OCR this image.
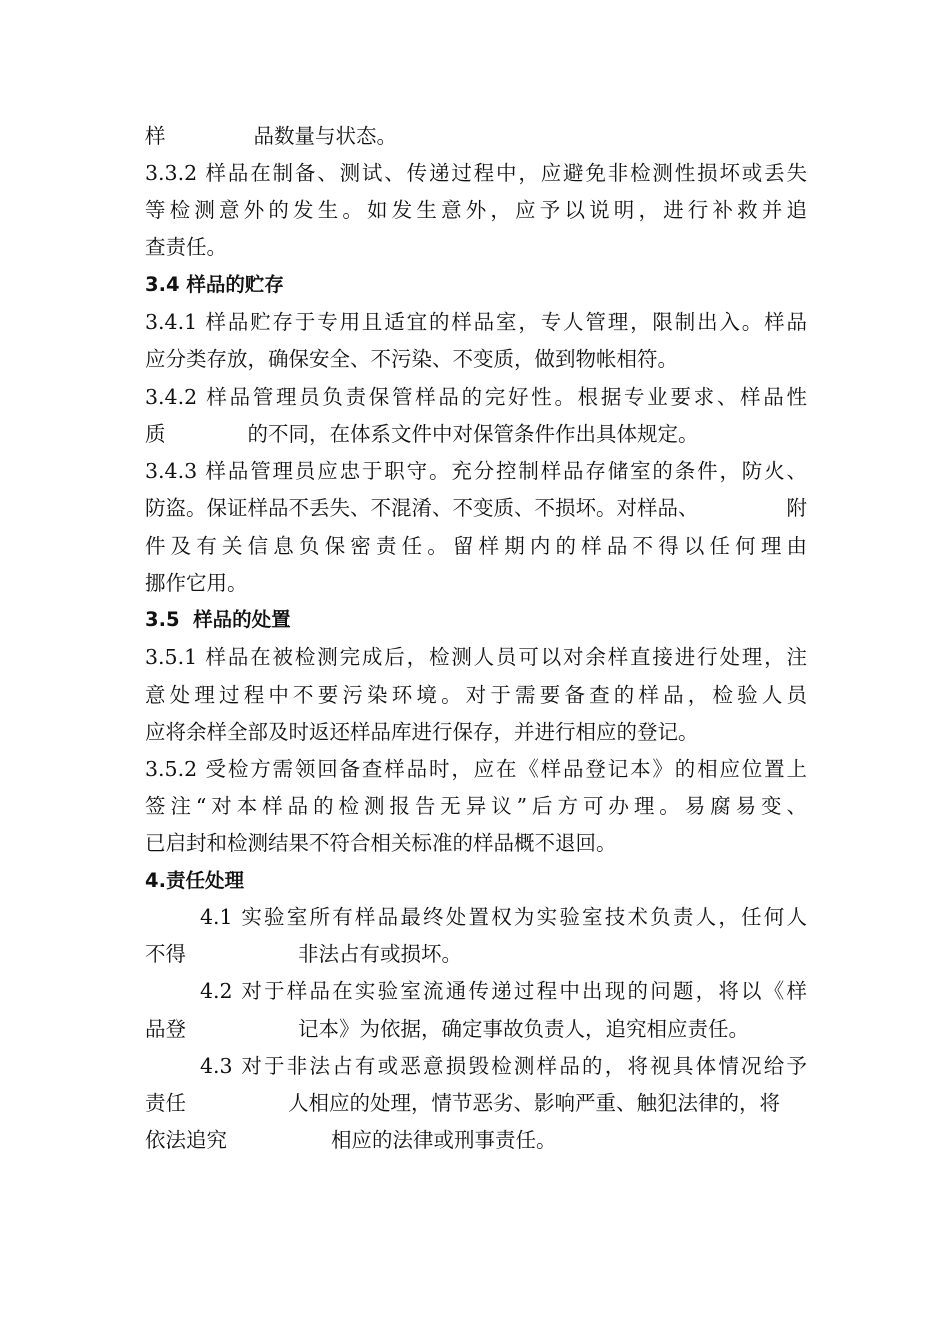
样	品数量与状态。
3.3.2 样品在制备、测试、传递过程中，应避免非检测性损坏或丢失
等检测意外的发生。如发生意外，应予以说明，进行补救并追
查责任。
3.4 样品的贮存
3.4.1 样品贮存于专用且适宜的样品室，专人管理，限制出入。样品
应分类存放，确保安全、不污染、不变质，做到物帐相符。
3.4.2 样品管理员负责保管样品的完好性。根据专业要求、样品性
质	的不同，在体系文件中对保管条件作出具体规定。
3.4.3 样品管理员应忠于职守。充分控制样品存储室的条件，防火、
防盗。保证样品不丢失、不混淆、不变质、不损坏。对样品、	附
件及有关信息负保密责任。留样期内的样品不得以任何理由
挪作它用。
3.5  样品的处置
3.5.1 样品在被检测完成后，检测人员可以对余样直接进行处理，注
意处理过程中不要污染环境。对于需要备查的样品，检验人员
应将余样全部及时返还样品库进行保存，并进行相应的登记。
3.5.2 受检方需领回备查样品时，应在《样品登记本》的相应位置上
签注“对本样品的检测报告无异议”后方可办理。易腐易变、
已启封和检测结果不符合相关标准的样品概不退回。
4.责任处理
4.1 实验室所有样品最终处置权为实验室技术负责人，任何人
不得	非法占有或损坏。
4.2 对于样品在实验室流通传递过程中出现的问题，将以《样
品登	记本》为依据，确定事故负责人，追究相应责任。
4.3 对于非法占有或恶意损毁检测样品的，将视具体情况给予
责任	人相应的处理，情节恶劣、影响严重、触犯法律的，将
依法追究	相应的法律或刑事责任。
